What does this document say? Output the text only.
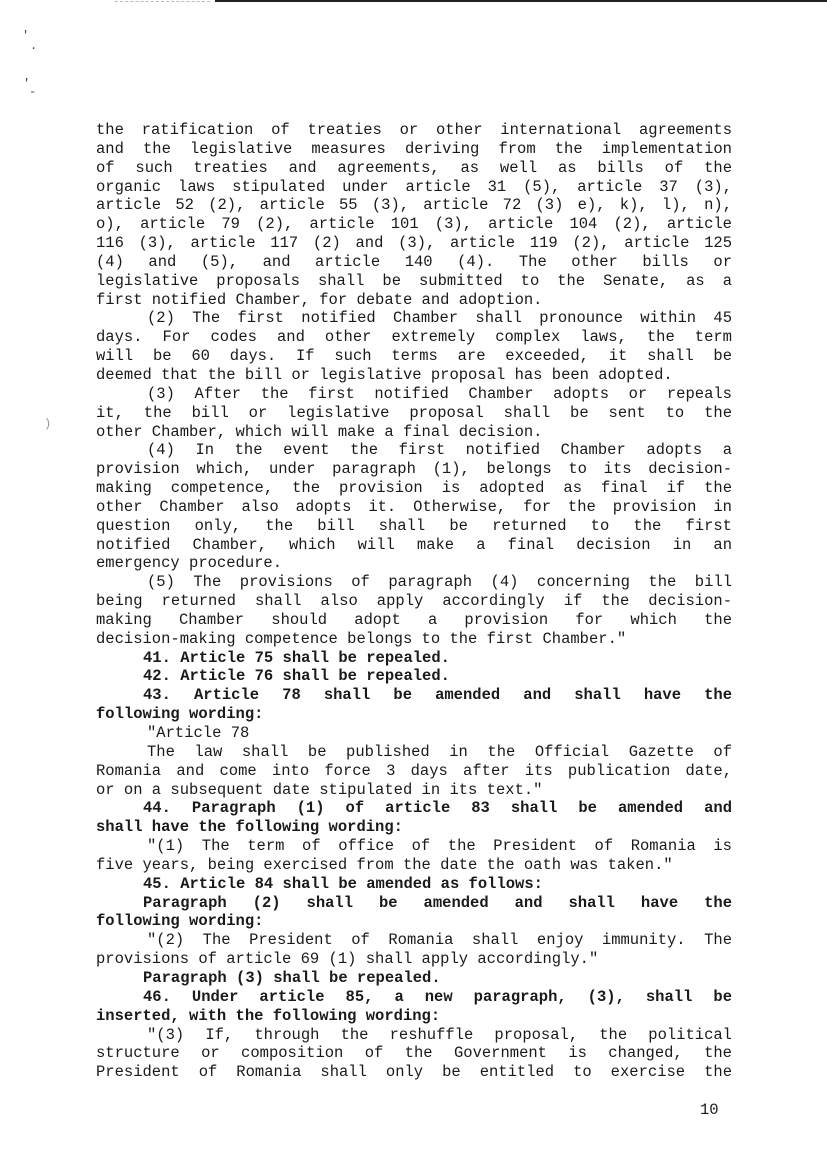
'
.
'
-
)
the ratification of treaties or other international agreements
and the legislative measures deriving from the implementation
of such treaties and agreements, as well as bills of the
organic laws stipulated under article 31 (5), article 37 (3),
article 52 (2), article 55 (3), article 72 (3) e), k), l), n),
o), article 79 (2), article 101 (3), article 104 (2), article
116 (3), article 117 (2) and (3), article 119 (2), article 125
(4) and (5), and article 140 (4). The other bills or
legislative proposals shall be submitted to the Senate, as a
first notified Chamber, for debate and adoption.
(2) The first notified Chamber shall pronounce within 45
days. For codes and other extremely complex laws, the term
will be 60 days. If such terms are exceeded, it shall be
deemed that the bill or legislative proposal has been adopted.
(3) After the first notified Chamber adopts or repeals
it, the bill or legislative proposal shall be sent to the
other Chamber, which will make a final decision.
(4) In the event the first notified Chamber adopts a
provision which, under paragraph (1), belongs to its decision-
making competence, the provision is adopted as final if the
other Chamber also adopts it. Otherwise, for the provision in
question only, the bill shall be returned to the first
notified Chamber, which will make a final decision in an
emergency procedure.
(5) The provisions of paragraph (4) concerning the bill
being returned shall also apply accordingly if the decision-
making Chamber should adopt a provision for which the
decision-making competence belongs to the first Chamber."
41. Article 75 shall be repealed.
42. Article 76 shall be repealed.
43. Article 78 shall be amended and shall have the
following wording:
"Article 78
The law shall be published in the Official Gazette of
Romania and come into force 3 days after its publication date,
or on a subsequent date stipulated in its text."
44. Paragraph (1) of article 83 shall be amended and
shall have the following wording:
"(1) The term of office of the President of Romania is
five years, being exercised from the date the oath was taken."
45. Article 84 shall be amended as follows:
Paragraph (2) shall be amended and shall have the
following wording:
"(2) The President of Romania shall enjoy immunity. The
provisions of article 69 (1) shall apply accordingly."
Paragraph (3) shall be repealed.
46. Under article 85, a new paragraph, (3), shall be
inserted, with the following wording:
"(3) If, through the reshuffle proposal, the political
structure or composition of the Government is changed, the
President of Romania shall only be entitled to exercise the
10
